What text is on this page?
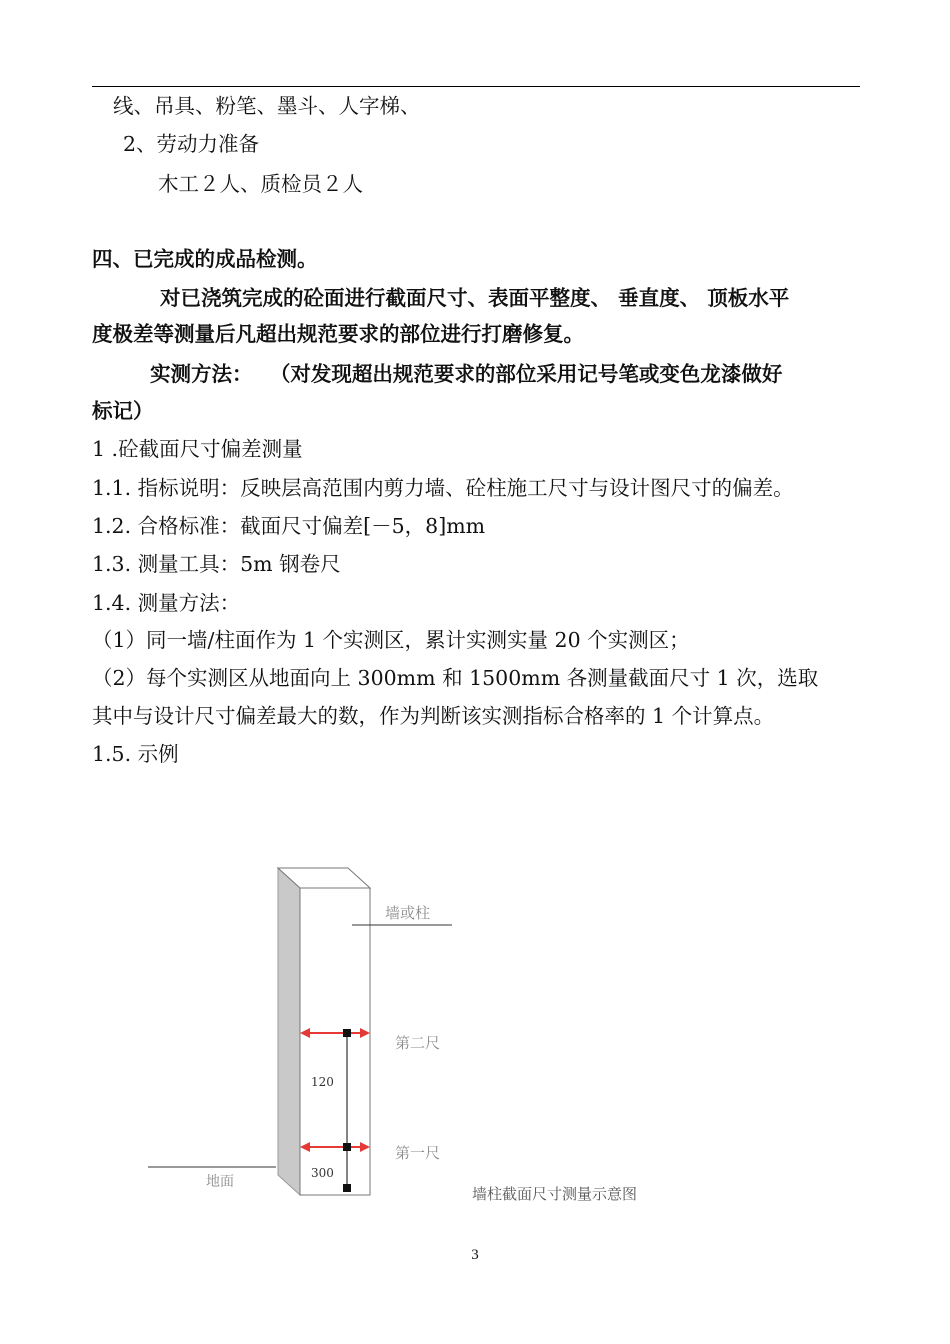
线、吊具、粉笔、墨斗、人字梯、
2、劳动力准备
木工２人、质检员２人
四、已完成的成品检测。
对已浇筑完成的砼面进行截面尺寸、表面平整度、 垂直度、 顶板水平
度极差等测量后凡超出规范要求的部位进行打磨修复。
实测方法：　 （对发现超出规范要求的部位采用记号笔或变色龙漆做好
标记）
1 .砼截面尺寸偏差测量
1.1. 指标说明：反映层高范围内剪力墙、砼柱施工尺寸与设计图尺寸的偏差。
1.2. 合格标准：截面尺寸偏差[－5，8]mm
1.3. 测量工具：5m 钢卷尺
1.4. 测量方法：
（1）同一墙/柱面作为 1 个实测区，累计实测实量 20 个实测区；
（2）每个实测区从地面向上 300mm 和 1500mm 各测量截面尺寸 1 次，选取
其中与设计尺寸偏差最大的数，作为判断该实测指标合格率的 1 个计算点。
1.5. 示例
墙或柱
地面
第二尺
120
第一尺
300
墙柱截面尺寸测量示意图
3
